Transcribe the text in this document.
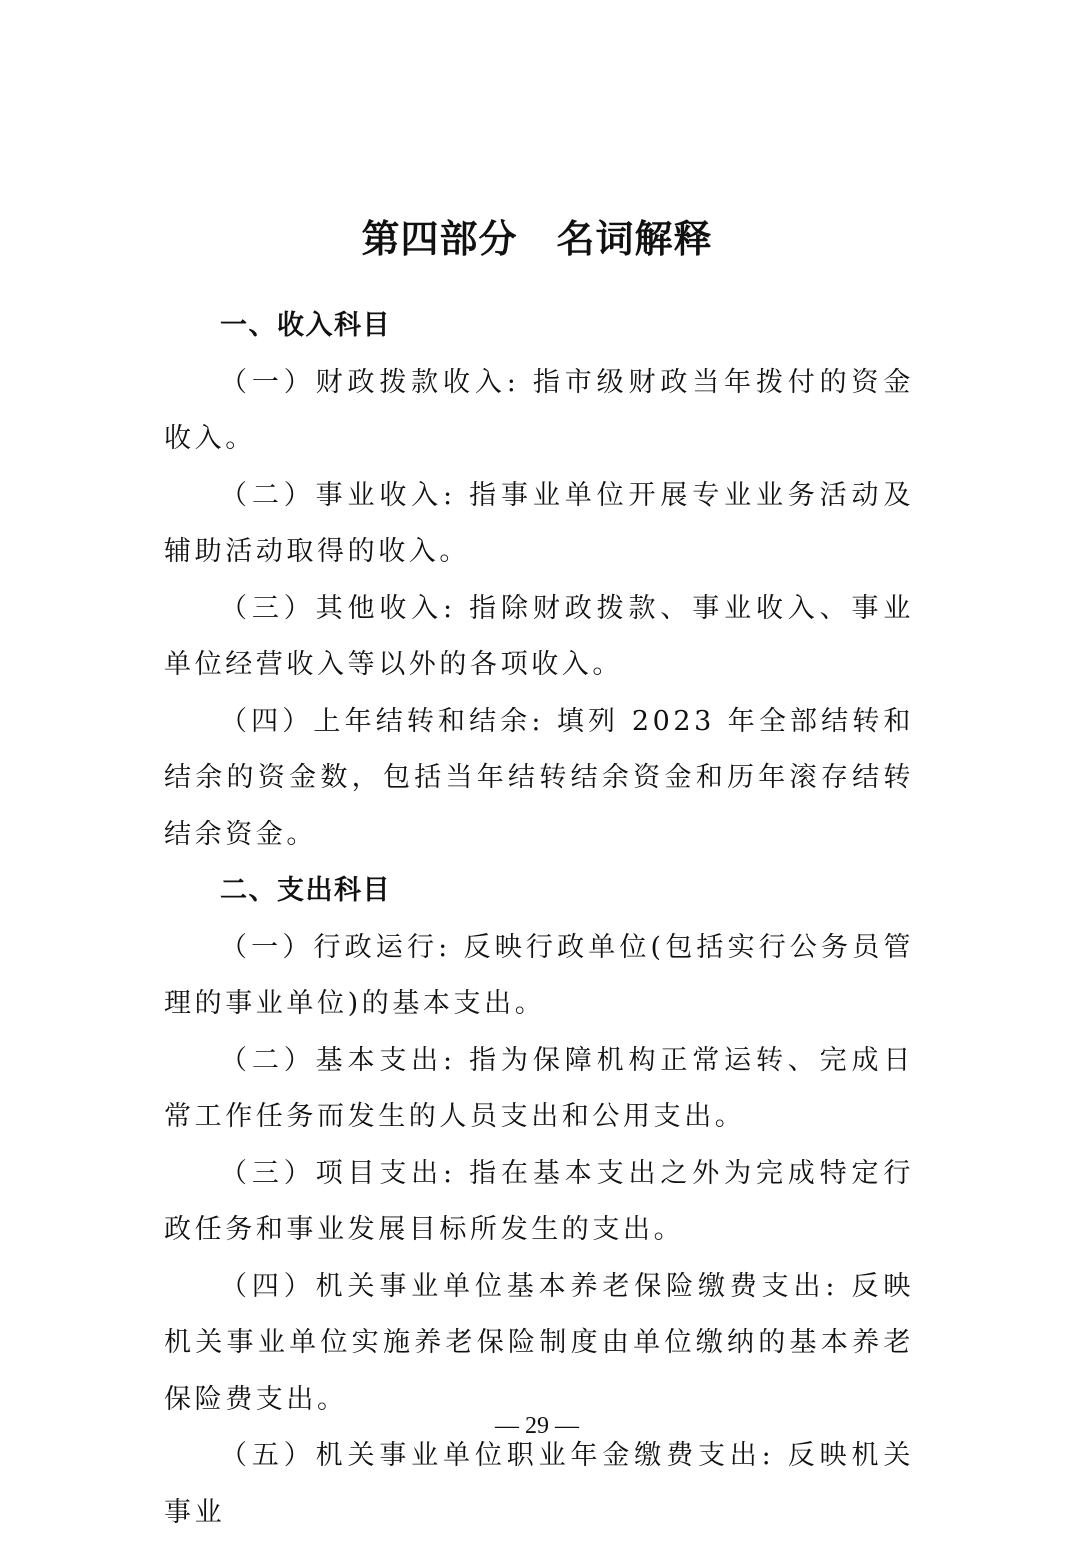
第四部分　名词解释
一、收入科目

（一）财政拨款收入: 指市级财政当年拨付的资金收入。

（二）事业收入: 指事业单位开展专业业务活动及辅助活动取得的收入。

（三）其他收入: 指除财政拨款、事业收入、事业单位经营收入等以外的各项收入。

（四）上年结转和结余: 填列 2023 年全部结转和结余的资金数，包括当年结转结余资金和历年滚存结转结余资金。

二、支出科目

（一）行政运行: 反映行政单位(包括实行公务员管理的事业单位)的基本支出。

（二）基本支出: 指为保障机构正常运转、完成日常工作任务而发生的人员支出和公用支出。

（三）项目支出: 指在基本支出之外为完成特定行政任务和事业发展目标所发生的支出。

（四）机关事业单位基本养老保险缴费支出: 反映机关事业单位实施养老保险制度由单位缴纳的基本养老保险费支出。

（五）机关事业单位职业年金缴费支出: 反映机关事业

— 29 —
